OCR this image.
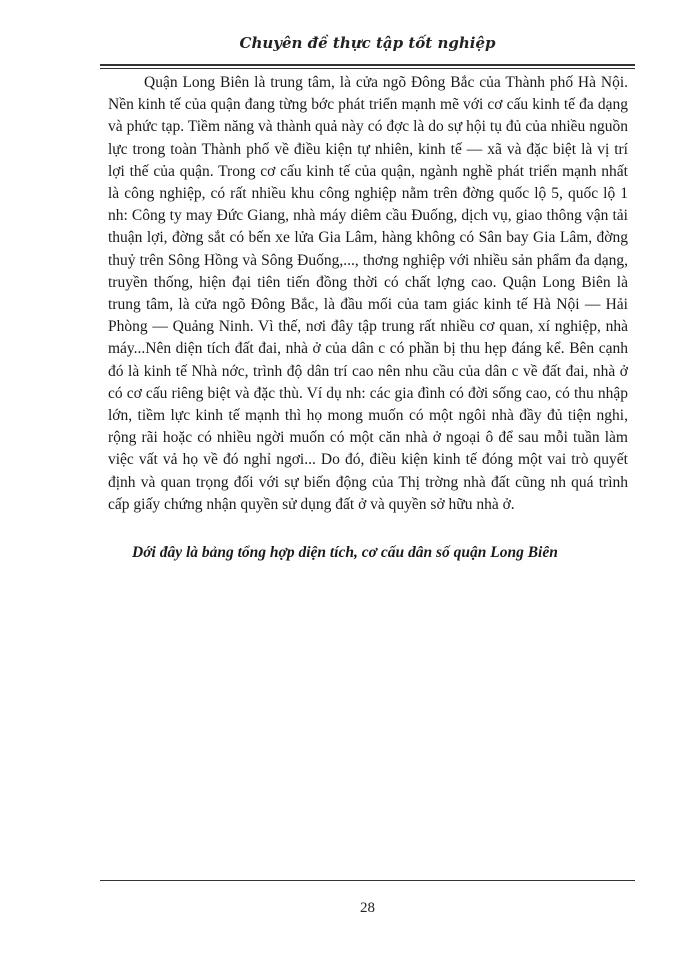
Chuyên đề thực tập tốt nghiệp

Quận Long Biên là trung tâm, là cửa ngõ Đông Bắc của Thành phố Hà Nội. Nền kinh tế của quận đang từng bớc phát triển mạnh mẽ với cơ cấu kinh tế đa dạng và phức tạp. Tiềm năng và thành quả này có đợc là do sự hội tụ đủ của nhiều nguồn lực trong toàn Thành phố về điều kiện tự nhiên, kinh tế — xã và đặc biệt là vị trí lợi thế của quận. Trong cơ cấu kinh tế của quận, ngành nghề phát triển mạnh nhất là công nghiệp, có rất nhiều khu công nghiệp nằm trên đờng quốc lộ 5, quốc lộ 1 nh: Công ty may Đức Giang, nhà máy diêm cầu Đuống, dịch vụ, giao thông vận tải thuận lợi, đờng sắt có bến xe lửa Gia Lâm, hàng không có Sân bay Gia Lâm, đờng thuỷ trên Sông Hồng và Sông Đuống,..., thơng nghiệp với nhiều sản phẩm đa dạng, truyền thống, hiện đại tiên tiến đồng thời có chất lợng cao. Quận Long Biên là trung tâm, là cửa ngõ Đông Bắc, là đầu mối của tam giác kinh tế Hà Nội — Hải Phòng — Quảng Ninh. Vì thế, nơi đây tập trung rất nhiều cơ quan, xí nghiệp, nhà máy...Nên diện tích đất đai, nhà ở của dân c có phần bị thu hẹp đáng kể. Bên cạnh đó là kinh tế Nhà nớc, trình độ dân trí cao nên nhu cầu của dân c về đất đai, nhà ở có cơ cấu riêng biệt và đặc thù. Ví dụ nh: các gia đình có đời sống cao, có thu nhập lớn, tiềm lực kinh tế mạnh thì họ mong muốn có một ngôi nhà đầy đủ tiện nghi, rộng rãi hoặc có nhiều ngời muốn có một căn nhà ở ngoại ô để sau mỗi tuần làm việc vất vả họ về đó nghỉ ngơi... Do đó, điều kiện kinh tế đóng một vai trò quyết định và quan trọng đối với sự biến động của Thị trờng nhà đất cũng nh quá trình cấp giấy chứng nhận quyền sử dụng đất ở và quyền sở hữu nhà ở.

Dới đây là bảng tổng hợp diện tích, cơ cấu dân số quận Long Biên
28
